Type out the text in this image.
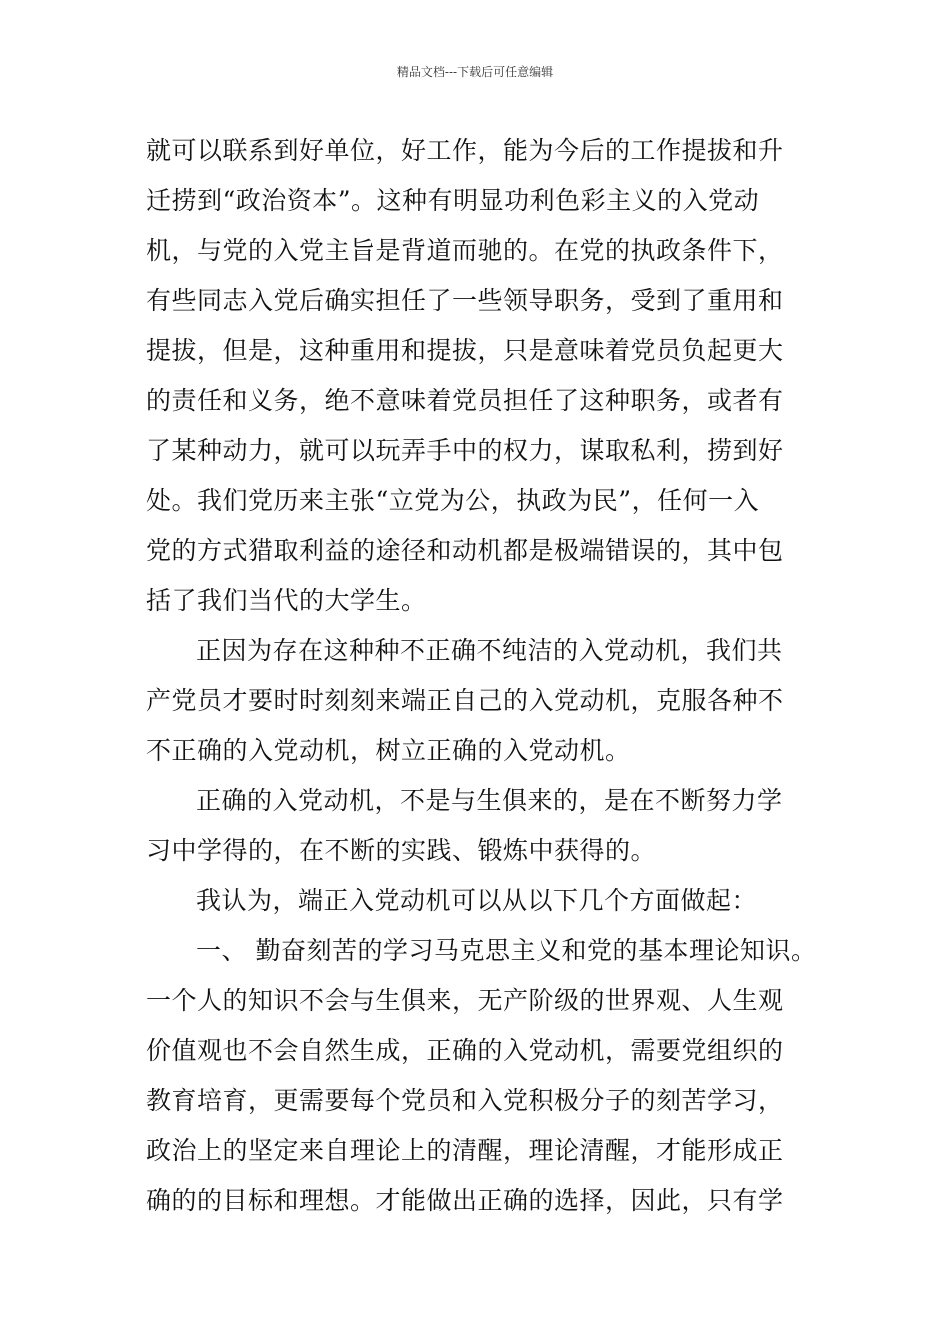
精品文档---下载后可任意编辑
就可以联系到好单位，好工作，能为今后的工作提拔和升
迁捞到“政治资本”。这种有明显功利色彩主义的入党动
机，与党的入党主旨是背道而驰的。在党的执政条件下，
有些同志入党后确实担任了一些领导职务，受到了重用和
提拔，但是，这种重用和提拔，只是意味着党员负起更大
的责任和义务，绝不意味着党员担任了这种职务，或者有
了某种动力，就可以玩弄手中的权力，谋取私利，捞到好
处。我们党历来主张“立党为公，执政为民”，任何一入
党的方式猎取利益的途径和动机都是极端错误的，其中包
括了我们当代的大学生。
正因为存在这种种不正确不纯洁的入党动机，我们共
产党员才要时时刻刻来端正自己的入党动机，克服各种不
不正确的入党动机，树立正确的入党动机。
正确的入党动机，不是与生俱来的，是在不断努力学
习中学得的，在不断的实践、锻炼中获得的。
我认为，端正入党动机可以从以下几个方面做起：
一、 勤奋刻苦的学习马克思主义和党的基本理论知识。
一个人的知识不会与生俱来，无产阶级的世界观、人生观
价值观也不会自然生成，正确的入党动机，需要党组织的
教育培育，更需要每个党员和入党积极分子的刻苦学习，
政治上的坚定来自理论上的清醒，理论清醒，才能形成正
确的的目标和理想。才能做出正确的选择，因此，只有学
